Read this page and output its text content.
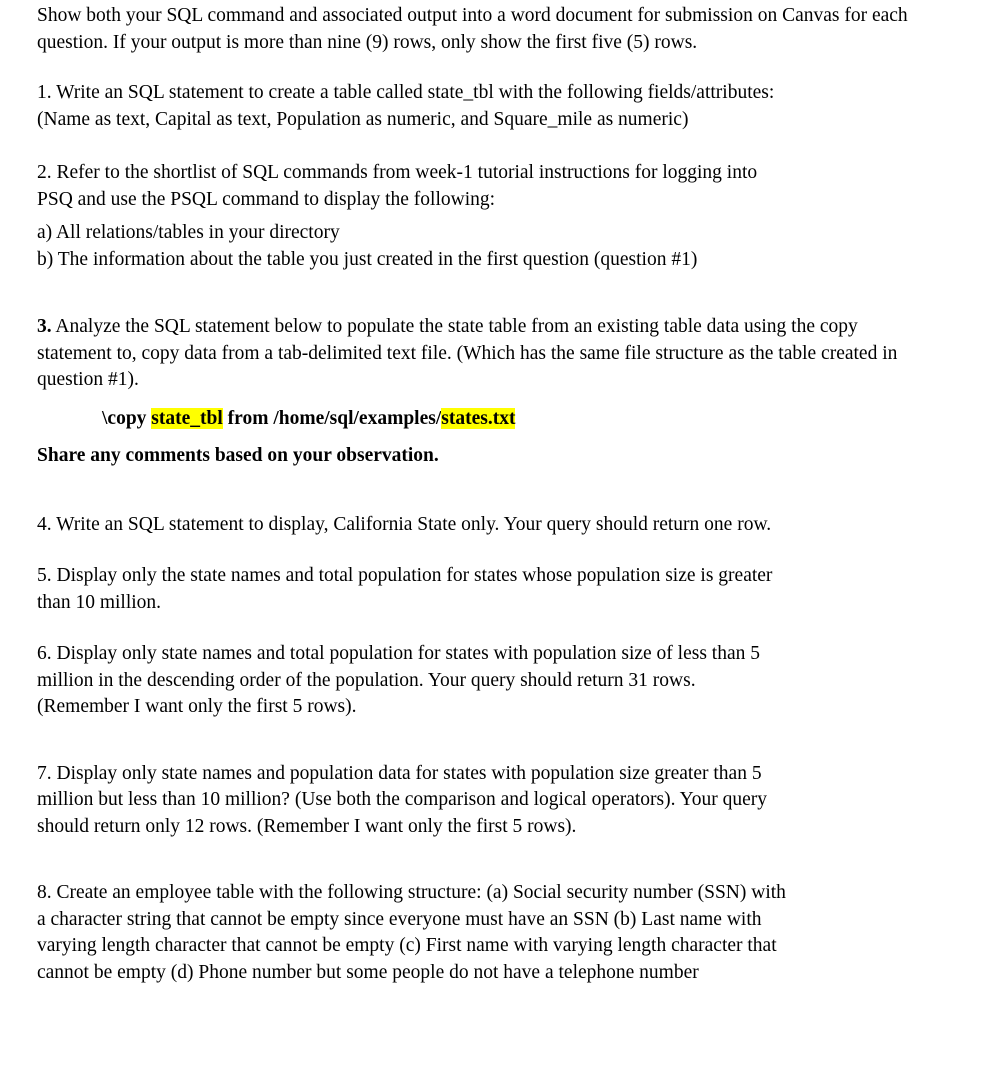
Show both your SQL command and associated output into a word document for submission on Canvas for each question. If your output is more than nine (9) rows, only show the first five (5) rows.

1. Write an SQL statement to create a table called state_tbl with the following fields/attributes:

(Name as text, Capital as text, Population as numeric, and Square_mile as numeric)

2. Refer to the shortlist of SQL commands from week-1 tutorial instructions for logging into

PSQ and use the PSQL command to display the following:

a) All relations/tables in your directory

b) The information about the table you just created in the first question (question #1)

3. Analyze the SQL statement below to populate the state table from an existing table data using the copy statement to, copy data from a tab-delimited text file. (Which has the same file structure as the table created in question #1).

\copy state_tbl from /home/sql/examples/states.txt

Share any comments based on your observation.

4. Write an SQL statement to display, California State only. Your query should return one row.

5. Display only the state names and total population for states whose population size is greater

than 10 million.

6. Display only state names and total population for states with population size of less than 5

million in the descending order of the population. Your query should return 31 rows.

(Remember I want only the first 5 rows).

7. Display only state names and population data for states with population size greater than 5

million but less than 10 million? (Use both the comparison and logical operators). Your query

should return only 12 rows. (Remember I want only the first 5 rows).

8. Create an employee table with the following structure: (a) Social security number (SSN) with

a character string that cannot be empty since everyone must have an SSN (b) Last name with

varying length character that cannot be empty (c) First name with varying length character that

cannot be empty (d) Phone number but some people do not have a telephone number
